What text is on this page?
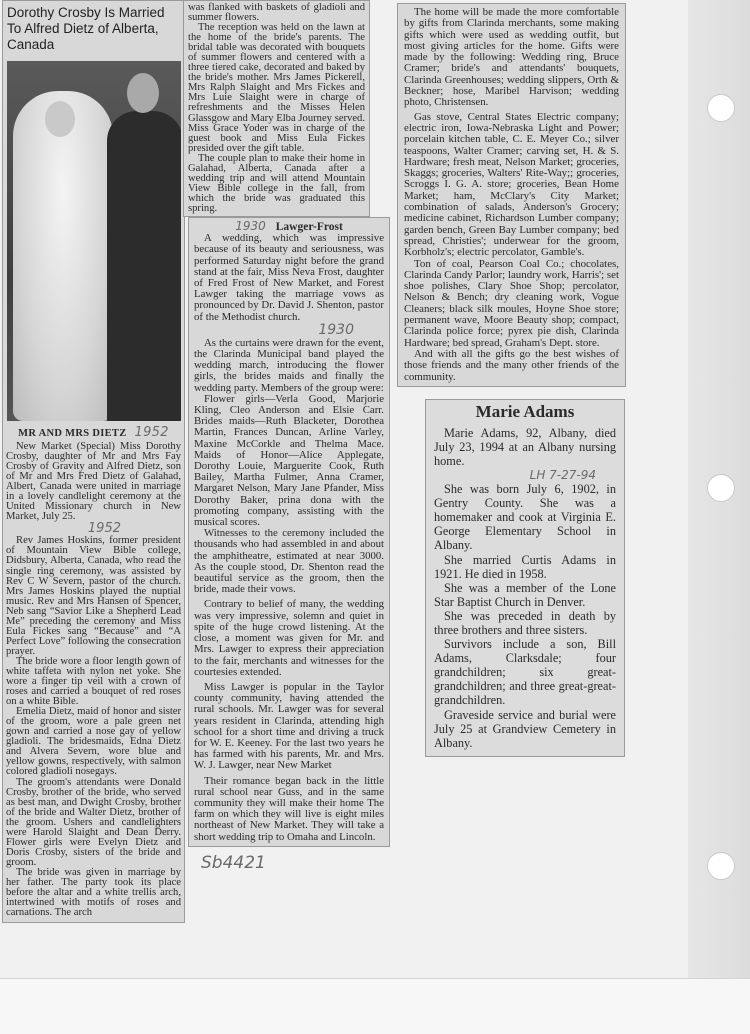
Dorothy Crosby Is Married To Alfred Dietz of Alberta, Canada
MR AND MRS DIETZ 1952

New Market (Special) Miss Dorothy Crosby, daughter of Mr and Mrs Fay Crosby of Gravity and Alfred Dietz, son of Mr and Mrs Fred Dietz of Galahad, Albert, Canada were united in marriage in a lovely candlelight ceremony at the United Missionary church in New Market, July 25.

1952

Rev James Hoskins, former president of Mountain View Bible college, Didsbury, Alberta, Canada, who read the single ring ceremony, was assisted by Rev C W Severn, pastor of the church. Mrs James Hoskins played the nuptial music. Rev and Mrs Hansen of Spencer, Neb sang “Savior Like a Shepherd Lead Me” preceding the ceremony and Miss Eula Fickes sang “Because” and “A Perfect Love” following the consecration prayer.

The bride wore a floor length gown of white taffeta with nylon net yoke. She wore a finger tip veil with a crown of roses and carried a bouquet of red roses on a white Bible.

Emelia Dietz, maid of honor and sister of the groom, wore a pale green net gown and carried a nose gay of yellow gladioli. The bridesmaids, Edna Dietz and Alvera Severn, wore blue and yellow gowns, respectively, with salmon colored gladioli nosegays.

The groom's attendants were Donald Crosby, brother of the bride, who served as best man, and Dwight Crosby, brother of the bride and Walter Dietz, brother of the groom. Ushers and candlelighters were Harold Slaight and Dean Derry. Flower girls were Evelyn Dietz and Doris Crosby, sisters of the bride and groom.

The bride was given in marriage by her father. The party took its place before the altar and a white trellis arch, intertwined with motifs of roses and carnations. The arch

was flanked with baskets of gladioli and summer flowers.

The reception was held on the lawn at the home of the bride's parents. The bridal table was decorated with bouquets of summer flowers and centered with a three tiered cake, decorated and baked by the bride's mother. Mrs James Pickerell, Mrs Ralph Slaight and Mrs Fickes and Mrs Luie Slaight were in charge of refreshments and the Misses Helen Glassgow and Mary Elba Journey served. Miss Grace Yoder was in charge of the guest book and Miss Eula Fickes presided over the gift table.

The couple plan to make their home in Galahad, Alberta, Canada after a wedding trip and will attend Mountain View Bible college in the fall, from which the bride was graduated this spring.

1930 Lawger-Frost

A wedding, which was impressive because of its beauty and seriousness, was performed Saturday night before the grand stand at the fair, Miss Neva Frost, daughter of Fred Frost of New Market, and Forest Lawger taking the marriage vows as pronounced by Dr. David J. Shenton, pastor of the Methodist church.

1930

As the curtains were drawn for the event, the Clarinda Municipal band played the wedding march, introducing the flower girls, the brides maids and finally the wedding party. Members of the group were:

Flower girls—Verla Good, Marjorie Kling, Cleo Anderson and Elsie Carr. Brides maids—Ruth Blacketer, Dorothea Martin, Frances Duncan, Arline Varley, Maxine McCorkle and Thelma Mace. Maids of Honor—Alice Applegate, Dorothy Louie, Marguerite Cook, Ruth Bailey, Martha Fulmer, Anna Cramer, Margaret Nelson, Mary Jane Pfander, Miss Dorothy Baker, prina dona with the promoting company, assisting with the musical scores.

Witnesses to the ceremony included the thousands who had assembled in and about the amphitheatre, estimated at near 3000. As the couple stood, Dr. Shenton read the beautiful service as the groom, then the bride, made their vows.

Contrary to belief of many, the wedding was very impressive, solemn and quiet in spite of the huge crowd listening. At the close, a moment was given for Mr. and Mrs. Lawger to express their appreciation to the fair, merchants and witnesses for the courtesies extended.

Miss Lawger is popular in the Taylor county community, having attended the rural schools. Mr. Lawger was for several years resident in Clarinda, attending high school for a short time and driving a truck for W. E. Keeney. For the last two years he has farmed with his parents, Mr. and Mrs. W. J. Lawger, near New Market

Their romance began back in the little rural school near Guss, and in the same community they will make their home The farm on which they will live is eight miles northeast of New Market. They will take a short wedding trip to Omaha and Lincoln.

Sb4421

The home will be made the more comfortable by gifts from Clarinda merchants, some making gifts which were used as wedding outfit, but most giving articles for the home. Gifts were made by the following: Wedding ring, Bruce Cramer; bride's and attendants' bouquets, Clarinda Greenhouses; wedding slippers, Orth & Beckner; hose, Maribel Harvison; wedding photo, Christensen.

Gas stove, Central States Electric company; electric iron, Iowa-Nebraska Light and Power; porcelain kitchen table, C. E. Meyer Co.; silver teaspoons, Walter Cramer; carving set, H. & S. Hardware; fresh meat, Nelson Market; groceries, Skaggs; groceries, Walters' Rite-Way;; groceries, Scroggs I. G. A. store; groceries, Bean Home Market; ham, McClary's City Market; combination of salads, Anderson's Grocery; medicine cabinet, Richardson Lumber company; garden bench, Green Bay Lumber company; bed spread, Christies'; underwear for the groom, Korbholz's; electric percolator, Gamble's.

Ton of coal, Pearson Coal Co.; chocolates, Clarinda Candy Parlor; laundry work, Harris'; set shoe polishes, Clary Shoe Shop; percolator, Nelson & Bench; dry cleaning work, Vogue Cleaners; black silk moules, Hoyne Shoe store; permanent wave, Moore Beauty shop; compact, Clarinda police force; pyrex pie dish, Clarinda Hardware; bed spread, Graham's Dept. store.

And with all the gifts go the best wishes of those friends and the many other friends of the community.

Marie Adams

Marie Adams, 92, Albany, died July 23, 1994 at an Albany nursing home.

LH 7-27-94

She was born July 6, 1902, in Gentry County. She was a homemaker and cook at Virginia E. George Elementary School in Albany.

She married Curtis Adams in 1921. He died in 1958.

She was a member of the Lone Star Baptist Church in Denver.

She was preceded in death by three brothers and three sisters.

Survivors include a son, Bill Adams, Clarksdale; four grandchildren; six great-grandchildren; and three great-great-grandchildren.

Graveside service and burial were July 25 at Grandview Cemetery in Albany.
